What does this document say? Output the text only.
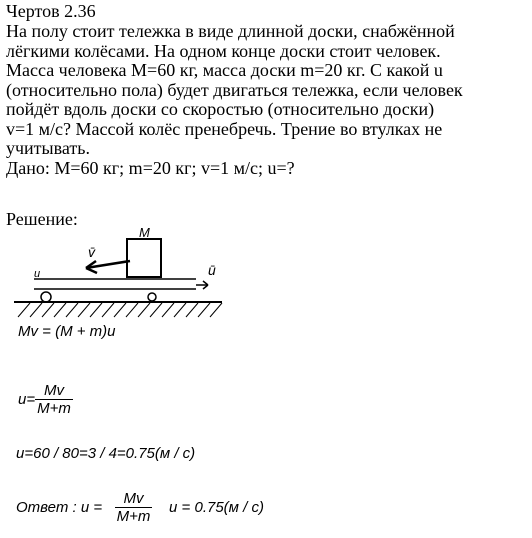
Чертов 2.36
На полу стоит тележка в виде длинной доски, снабжённой
лёгкими колёсами. На одном конце доски стоит человек.
Масса человека M=60 кг, масса доски m=20 кг. С какой u
(относительно пола) будет двигаться тележка, если человек
пойдёт вдоль доски со скоростью (относительно доски)
v=1 м/с? Массой колёс пренебречь. Трение во втулках не
учитывать.
Дано: M=60 кг; m=20 кг; v=1 м/с; u=?
Решение:
M
v̄
u	ū
Mv = (M + m)u
$u= \frac{Mv}{M+m}$
u=60 / 80=3 / 4=0.75(м / с)
Ответ : $u = \frac{Mv}{M+m}$ u = 0.75(м / с)
